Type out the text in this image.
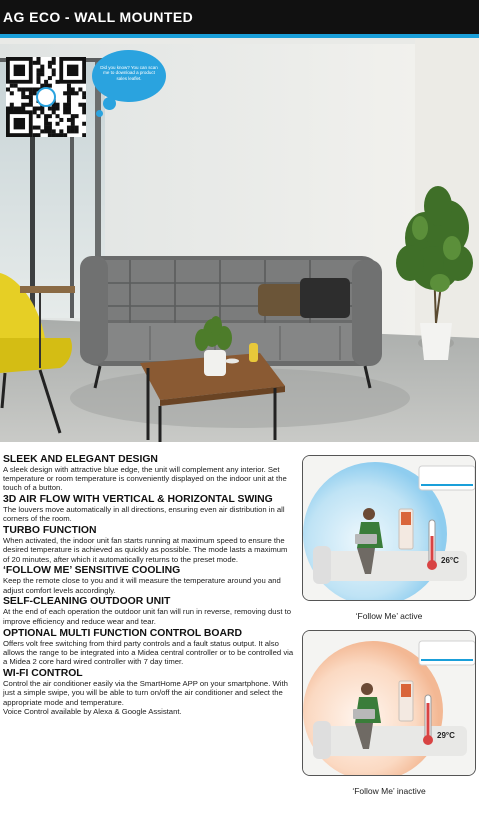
AG ECO - WALL MOUNTED
Did you know? You can scan me to download a product sales leaflet.
SLEEK AND ELEGANT DESIGN
A sleek design with attractive blue edge, the unit will complement any interior. Set temperature or room temperature is conveniently displayed on the indoor unit at the touch of a button.
3D AIR FLOW WITH VERTICAL & HORIZONTAL SWING
The louvers move automatically in all directions, ensuring even air distribution in all corners of the room.
TURBO FUNCTION
When activated, the indoor unit fan starts running at maximum speed to ensure the desired temperature is achieved as quickly as possible. The mode lasts a maximum of 20 minutes, after which it automatically returns to the preset mode.
‘FOLLOW ME’ SENSITIVE COOLING
Keep the remote close to you and it will measure the temperature around you and adjust comfort levels accordingly.
SELF-CLEANING OUTDOOR UNIT
At the end of each operation the outdoor unit fan will run in reverse, removing dust to improve efficiency and reduce wear and tear.
OPTIONAL MULTI FUNCTION CONTROL BOARD
Offers volt free switching from third party controls and a fault status output. It also allows the range to be integrated into a Midea central controller or to be controlled via a Midea 2 core hard wired controller with 7 day timer.
WI-FI CONTROL
Control the air conditioner easily via the SmartHome APP on your smartphone. With just a simple swipe, you will be able to turn on/off the air conditioner and select the appropriate mode and temperature.
Voice Control available by Alexa & Google Assistant.
26°C
‘Follow Me’ active
29°C
‘Follow Me’ inactive
